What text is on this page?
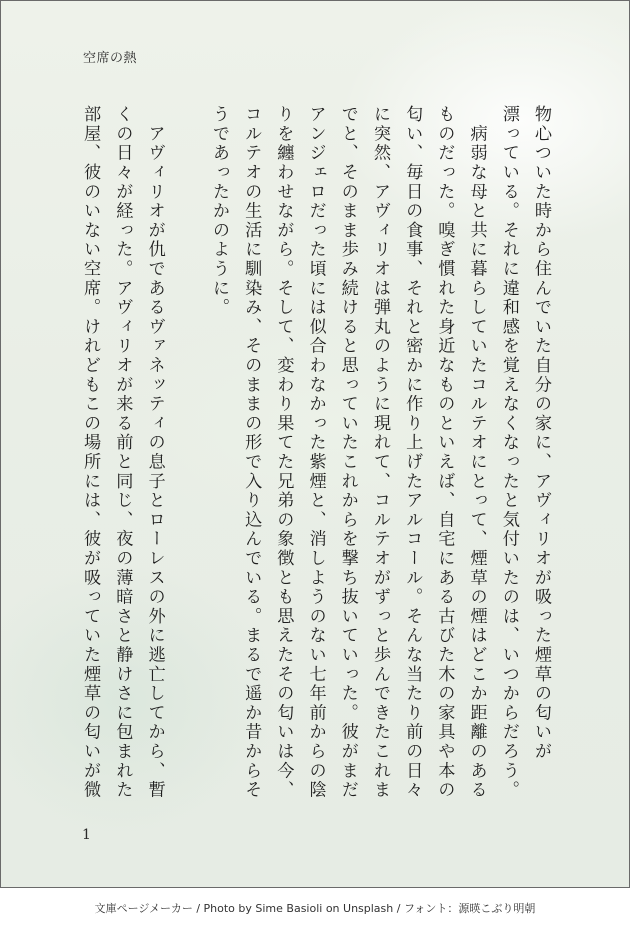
空席の熱

物心ついた時から住んでいた自分の家に、アヴィリオが吸った煙草の匂いが

漂っている。それに違和感を覚えなくなったと気付いたのは、いつからだろう。

　病弱な母と共に暮らしていたコルテオにとって、煙草の煙はどこか距離のある

ものだった。嗅ぎ慣れた身近なものといえば、自宅にある古びた木の家具や本の

匂い、毎日の食事、それと密かに作り上げたアルコール。そんな当たり前の日々

に突然、アヴィリオは弾丸のように現れて、コルテオがずっと歩んできたこれま

でと、そのまま歩み続けると思っていたこれからを撃ち抜いていった。彼がまだ

アンジェロだった頃には似合わなかった紫煙と、消しようのない七年前からの陰

りを纏わせながら。そして、変わり果てた兄弟の象徴とも思えたその匂いは今、

コルテオの生活に馴染み、そのままの形で入り込んでいる。まるで遥か昔からそ

うであったかのように。

　アヴィリオが仇であるヴァネッティの息子とローレスの外に逃亡してから、暫

くの日々が経った。アヴィリオが来る前と同じ、夜の薄暗さと静けさに包まれた

部屋、彼のいない空席。けれどもこの場所には、彼が吸っていた煙草の匂いが微

1
文庫ページメーカー / Photo by Sime Basioli on Unsplash / フォント：源暎こぶり明朝
